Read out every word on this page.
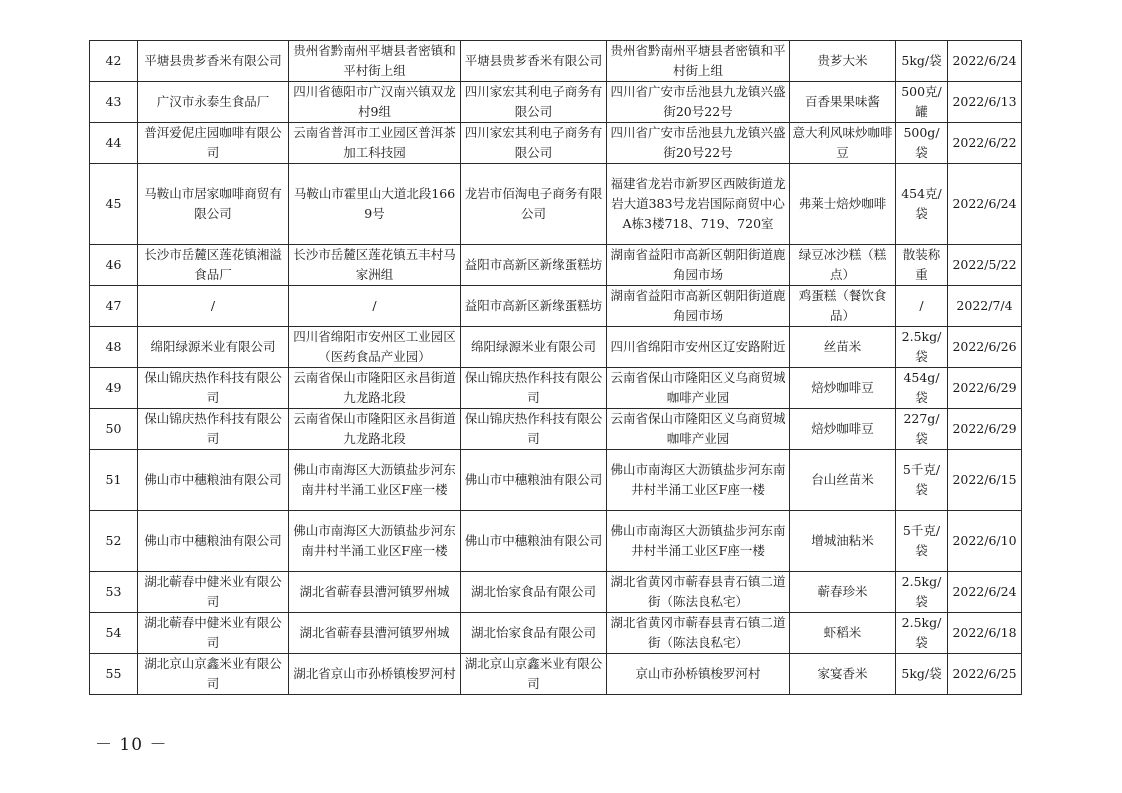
42	平塘县贵芗香米有限公司	贵州省黔南州平塘县者密镇和平村街上组	平塘县贵芗香米有限公司	贵州省黔南州平塘县者密镇和平村街上组	贵芗大米	5kg/袋	2022/6/24
43	广汉市永泰生食品厂	四川省德阳市广汉南兴镇双龙村9组	四川家宏其利电子商务有限公司	四川省广安市岳池县九龙镇兴盛街20号22号	百香果果味酱	500克/罐	2022/6/13
44	普洱爱伲庄园咖啡有限公司	云南省普洱市工业园区普洱茶加工科技园	四川家宏其利电子商务有限公司	四川省广安市岳池县九龙镇兴盛街20号22号	意大利风味炒咖啡豆	500g/袋	2022/6/22
45	马鞍山市居家咖啡商贸有限公司	马鞍山市霍里山大道北段1669号	龙岩市佰淘电子商务有限公司	福建省龙岩市新罗区西陂街道龙岩大道383号龙岩国际商贸中心A栋3楼718、719、720室	弗莱士焙炒咖啡	454克/袋	2022/6/24
46	长沙市岳麓区莲花镇湘溢食品厂	长沙市岳麓区莲花镇五丰村马家洲组	益阳市高新区新缘蛋糕坊	湖南省益阳市高新区朝阳街道鹿角园市场	绿豆冰沙糕（糕点）	散装称重	2022/5/22
47	/	/	益阳市高新区新缘蛋糕坊	湖南省益阳市高新区朝阳街道鹿角园市场	鸡蛋糕（餐饮食品）	/	2022/7/4
48	绵阳绿源米业有限公司	四川省绵阳市安州区工业园区（医药食品产业园）	绵阳绿源米业有限公司	四川省绵阳市安州区辽安路附近	丝苗米	2.5kg/袋	2022/6/26
49	保山锦庆热作科技有限公司	云南省保山市隆阳区永昌街道九龙路北段	保山锦庆热作科技有限公司	云南省保山市隆阳区义乌商贸城咖啡产业园	焙炒咖啡豆	454g/袋	2022/6/29
50	保山锦庆热作科技有限公司	云南省保山市隆阳区永昌街道九龙路北段	保山锦庆热作科技有限公司	云南省保山市隆阳区义乌商贸城咖啡产业园	焙炒咖啡豆	227g/袋	2022/6/29
51	佛山市中穗粮油有限公司	佛山市南海区大沥镇盐步河东南井村半涌工业区F座一楼	佛山市中穗粮油有限公司	佛山市南海区大沥镇盐步河东南井村半涌工业区F座一楼	台山丝苗米	5千克/袋	2022/6/15
52	佛山市中穗粮油有限公司	佛山市南海区大沥镇盐步河东南井村半涌工业区F座一楼	佛山市中穗粮油有限公司	佛山市南海区大沥镇盐步河东南井村半涌工业区F座一楼	增城油粘米	5千克/袋	2022/6/10
53	湖北蕲春中健米业有限公司	湖北省蕲春县漕河镇罗州城	湖北怡家食品有限公司	湖北省黄冈市蕲春县青石镇二道街（陈法良私宅）	蕲春珍米	2.5kg/袋	2022/6/24
54	湖北蕲春中健米业有限公司	湖北省蕲春县漕河镇罗州城	湖北怡家食品有限公司	湖北省黄冈市蕲春县青石镇二道街（陈法良私宅）	虾稻米	2.5kg/袋	2022/6/18
55	湖北京山京鑫米业有限公司	湖北省京山市孙桥镇梭罗河村	湖北京山京鑫米业有限公司	京山市孙桥镇梭罗河村	家宴香米	5kg/袋	2022/6/25
－ 10 －
